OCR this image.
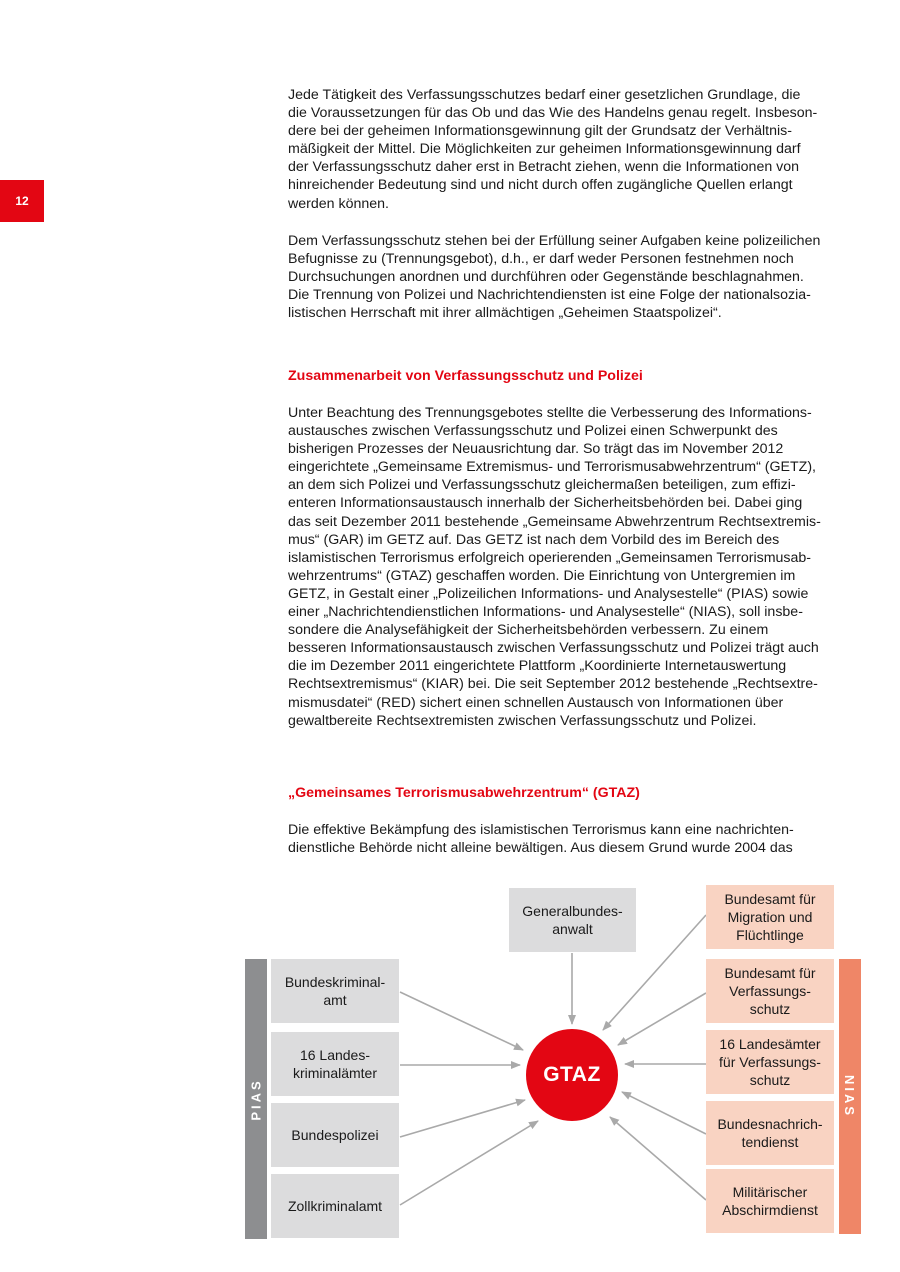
12
Jede Tätigkeit des Verfassungsschutzes bedarf einer gesetzlichen Grundlage, die
die Voraussetzungen für das Ob und das Wie des Handelns genau regelt. Insbeson-
dere bei der geheimen Informationsgewinnung gilt der Grundsatz der Verhältnis-
mäßigkeit der Mittel. Die Möglichkeiten zur geheimen Informationsgewinnung darf
der Verfassungsschutz daher erst in Betracht ziehen, wenn die Informationen von
hinreichender Bedeutung sind und nicht durch offen zugängliche Quellen erlangt
werden können.
Dem Verfassungsschutz stehen bei der Erfüllung seiner Aufgaben keine polizeilichen
Befugnisse zu (Trennungsgebot), d.h., er darf weder Personen festnehmen noch
Durchsuchungen anordnen und durchführen oder Gegenstände beschlagnahmen.
Die Trennung von Polizei und Nachrichtendiensten ist eine Folge der nationalsozia-
listischen Herrschaft mit ihrer allmächtigen „Geheimen Staatspolizei“.
Zusammenarbeit von Verfassungsschutz und Polizei
Unter Beachtung des Trennungsgebotes stellte die Verbesserung des Informations-
austausches zwischen Verfassungsschutz und Polizei einen Schwerpunkt des
bisherigen Prozesses der Neuausrichtung dar. So trägt das im November 2012
eingerichtete „Gemeinsame Extremismus- und Terrorismusabwehrzentrum“ (GETZ),
an dem sich Polizei und Verfassungsschutz gleichermaßen beteiligen, zum effizi-
enteren Informationsaustausch innerhalb der Sicherheitsbehörden bei. Dabei ging
das seit Dezember 2011 bestehende „Gemeinsame Abwehrzentrum Rechtsextremis-
mus“ (GAR) im GETZ auf. Das GETZ ist nach dem Vorbild des im Bereich des
islamistischen Terrorismus erfolgreich operierenden „Gemeinsamen Terrorismusab-
wehrzentrums“ (GTAZ) geschaffen worden. Die Einrichtung von Untergremien im
GETZ, in Gestalt einer „Polizeilichen Informations- und Analysestelle“ (PIAS) sowie
einer „Nachrichtendienstlichen Informations- und Analysestelle“ (NIAS), soll insbe-
sondere die Analysefähigkeit der Sicherheitsbehörden verbessern. Zu einem
besseren Informationsaustausch zwischen Verfassungsschutz und Polizei trägt auch
die im Dezember 2011 eingerichtete Plattform „Koordinierte Internetauswertung
Rechtsextremismus“ (KIAR) bei. Die seit September 2012 bestehende „Rechtsextre-
mismusdatei“ (RED) sichert einen schnellen Austausch von Informationen über
gewaltbereite Rechtsextremisten zwischen Verfassungsschutz und Polizei.
„Gemeinsames Terrorismusabwehrzentrum“ (GTAZ)
Die effektive Bekämpfung des islamistischen Terrorismus kann eine nachrichten-
dienstliche Behörde nicht alleine bewältigen. Aus diesem Grund wurde 2004 das
Generalbundes-
anwalt
PIAS
Bundeskriminal-
amt
16 Landes-
kriminalämter
Bundespolizei
Zollkriminalamt
GTAZ
Bundesamt für
Migration und
Flüchtlinge
Bundesamt für
Verfassungs-
schutz
16 Landesämter
für Verfassungs-
schutz
Bundesnachrich-
tendienst
Militärischer
Abschirmdienst
NIAS
